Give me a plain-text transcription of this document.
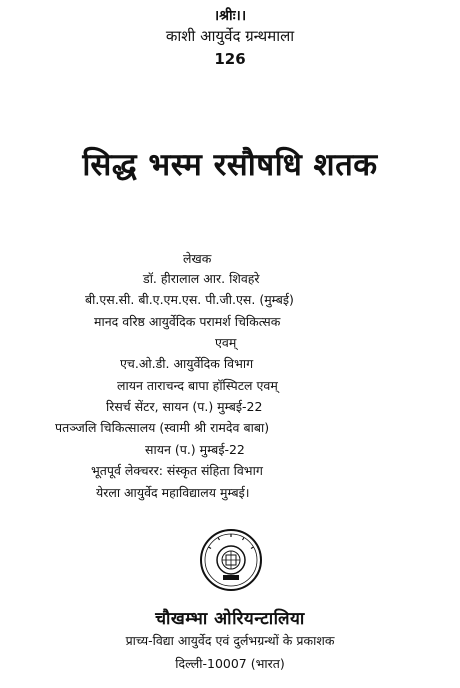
।श्रीः।।
काशी आयुर्वेद ग्रन्थमाला
126
सिद्ध भस्म रसौषधि शतक
लेखक
डॉ. हीरालाल आर. शिवहरे
बी.एस.सी. बी.ए.एम.एस. पी.जी.एस. (मुम्बई)
मानद वरिष्ठ आयुर्वेदिक परामर्श चिकित्सक
एवम्
एच.ओ.डी. आयुर्वेदिक विभाग
लायन ताराचन्द बापा हॉस्पिटल एवम्
रिसर्च सेंटर, सायन (प.) मुम्बई-22
पतञ्जलि चिकित्सालय (स्वामी श्री रामदेव बाबा)
सायन (प.) मुम्बई-22
भूतपूर्व लेक्चरर: संस्कृत संहिता विभाग
येरला आयुर्वेद महाविद्यालय मुम्बई।
चौखम्भा ओरियन्टालिया
प्राच्य-विद्या आयुर्वेद एवं दुर्लभग्रन्थों के प्रकाशक
दिल्ली-10007 (भारत)
